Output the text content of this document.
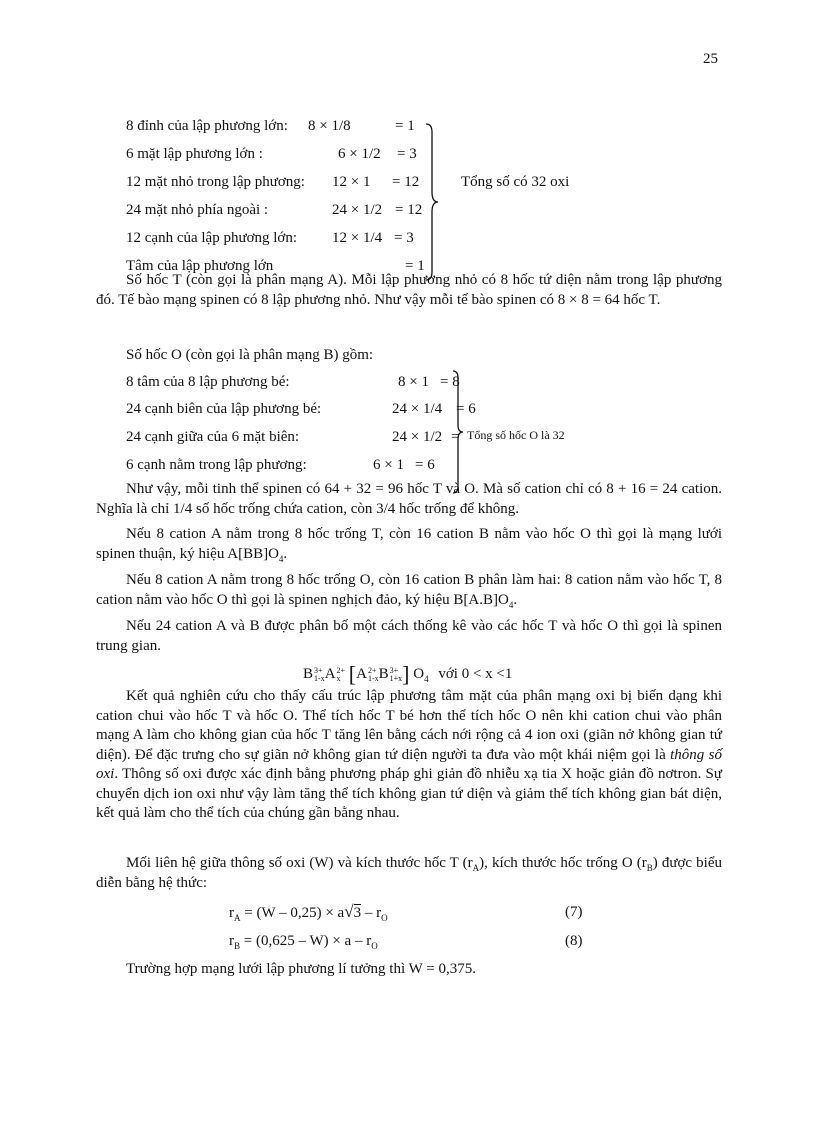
25
8 đỉnh của lập phương lớn: 8 × 1/8	= 1
6 mặt lập phương lớn :	6 × 1/2 = 3
12 mặt nhỏ trong lập phương: 12 × 1 = 12
24 mặt nhỏ phía ngoài :	24 × 1/2 = 12
12 cạnh của lập phương lớn: 12 × 1/4 = 3
Tâm của lập phương lớn	= 1
Tổng số có 32 oxi
Số hốc T (còn gọi là phân mạng A). Mỗi lập phương nhỏ có 8 hốc tứ diện nằm trong lập phương đó. Tế bào mạng spinen có 8 lập phương nhỏ. Như vậy mỗi tế bào spinen có 8 × 8 = 64 hốc T.
Số hốc O (còn gọi là phân mạng B) gồm:
8 tâm của 8 lập phương bé:	8 × 1 = 8
24 cạnh biên của lập phương bé:	24 × 1/4 = 6
24 cạnh giữa của 6 mặt biên:	24 × 1/2 =
6 cạnh nằm trong lập phương:	6 × 1 = 6
Tổng số hốc O là 32
Như vậy, mỗi tinh thể spinen có 64 + 32 = 96 hốc T và O. Mà số cation chỉ có 8 + 16 = 24 cation. Nghĩa là chỉ 1/4 số hốc trống chứa cation, còn 3/4 hốc trống để không.
Nếu 8 cation A nằm trong 8 hốc trống T, còn 16 cation B nằm vào hốc O thì gọi là mạng lưới spinen thuận, ký hiệu $A[BB]O_4$.
Nếu 8 cation A nằm trong 8 hốc trống O, còn 16 cation B phân làm hai: 8 cation nằm vào hốc T, 8 cation nằm vào hốc O thì gọi là spinen nghịch đảo, ký hiệu $B[A.B]O_4$.
Nếu 24 cation A và B được phân bố một cách thống kê vào các hốc T và hốc O thì gọi là spinen trung gian.
B 3+
1-x A 2+
x [A 2+
1-x B 3+
1+x ] $O_4$ với 0 < x <1
Kết quả nghiên cứu cho thấy cấu trúc lập phương tâm mặt của phân mạng oxi bị biến dạng khi cation chui vào hốc T và hốc O. Thể tích hốc T bé hơn thể tích hốc O nên khi cation chui vào phân mạng A làm cho không gian của hốc T tăng lên bằng cách nới rộng cả 4 ion oxi (giãn nở không gian tứ diện). Để đặc trưng cho sự giãn nở không gian tứ diện người ta đưa vào một khái niệm gọi là thông số oxi. Thông số oxi được xác định bằng phương pháp ghi giản đồ nhiễu xạ tia X hoặc giản đồ nơtron. Sự chuyển dịch ion oxi như vậy làm tăng thể tích không gian tứ diện và giảm thể tích không gian bát diện, kết quả làm cho thể tích của chúng gần bằng nhau.
Mối liên hệ giữa thông số oxi (W) và kích thước hốc T $(r_A)$, kích thước hốc trống O $(r_B)$ được biểu diễn bằng hệ thức:
$r_A = (W - 0,25) \times a√3 - r_O$	(7)
$r_B = (0,625 - W) \times a - r_O$	(8)
Trường hợp mạng lưới lập phương lí tưởng thì W = 0,375.
